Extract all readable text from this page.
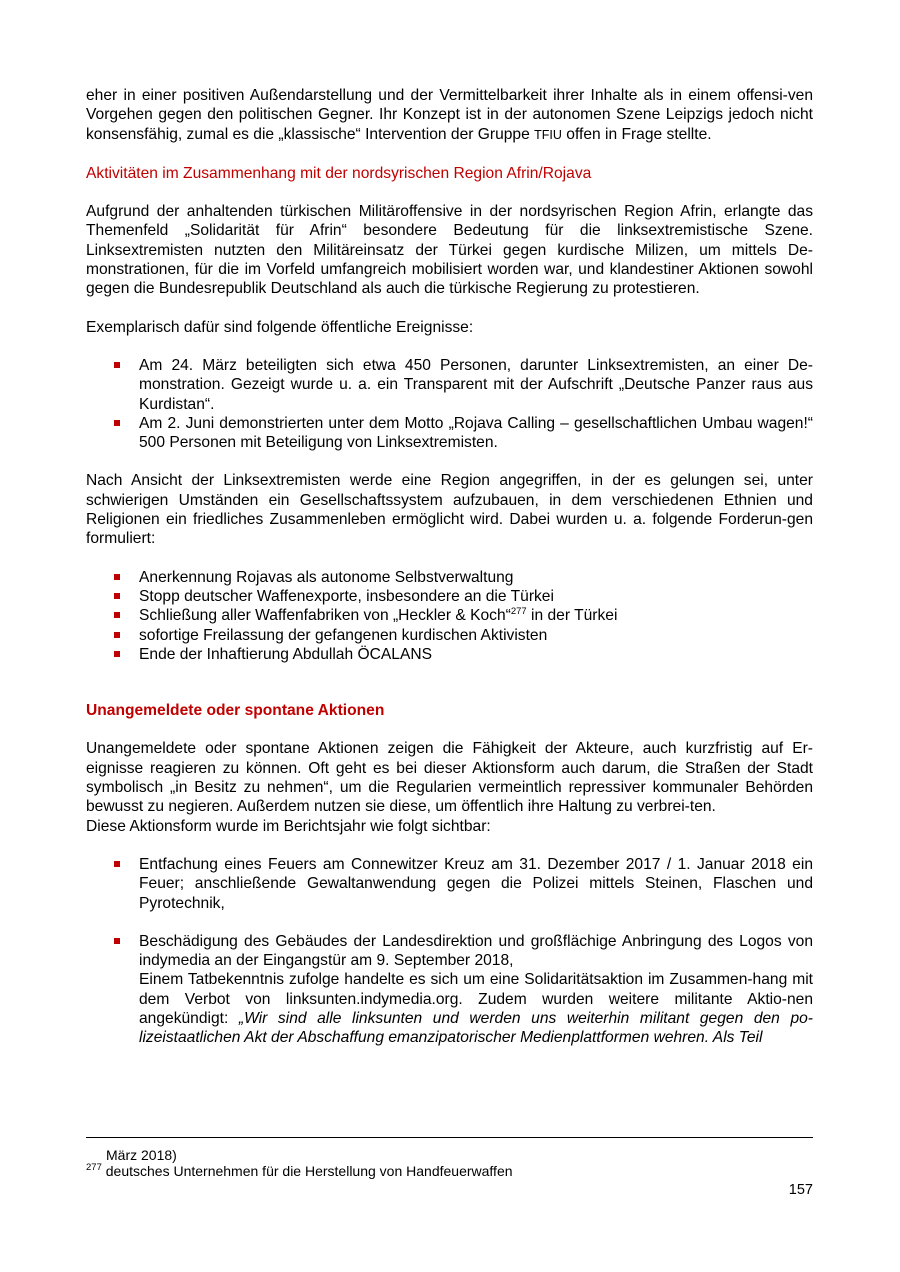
eher in einer positiven Außendarstellung und der Vermittelbarkeit ihrer Inhalte als in einem offensi-ven Vorgehen gegen den politischen Gegner. Ihr Konzept ist in der autonomen Szene Leipzigs jedoch nicht konsensfähig, zumal es die „klassische“ Intervention der Gruppe TFIU offen in Frage stellte.

Aktivitäten im Zusammenhang mit der nordsyrischen Region Afrin/Rojava

Aufgrund der anhaltenden türkischen Militäroffensive in der nordsyrischen Region Afrin, erlangte das Themenfeld „Solidarität für Afrin“ besondere Bedeutung für die linksextremistische Szene. Linksextremisten nutzten den Militäreinsatz der Türkei gegen kurdische Milizen, um mittels De-monstrationen, für die im Vorfeld umfangreich mobilisiert worden war, und klandestiner Aktionen sowohl gegen die Bundesrepublik Deutschland als auch die türkische Regierung zu protestieren.

Exemplarisch dafür sind folgende öffentliche Ereignisse:

Am 24. März beteiligten sich etwa 450 Personen, darunter Linksextremisten, an einer De-monstration. Gezeigt wurde u. a. ein Transparent mit der Aufschrift „Deutsche Panzer raus aus Kurdistan“.
Am 2. Juni demonstrierten unter dem Motto „Rojava Calling – gesellschaftlichen Umbau wagen!“ 500 Personen mit Beteiligung von Linksextremisten.

Nach Ansicht der Linksextremisten werde eine Region angegriffen, in der es gelungen sei, unter schwierigen Umständen ein Gesellschaftssystem aufzubauen, in dem verschiedenen Ethnien und Religionen ein friedliches Zusammenleben ermöglicht wird. Dabei wurden u. a. folgende Forderun-gen formuliert:

Anerkennung Rojavas als autonome Selbstverwaltung
Stopp deutscher Waffenexporte, insbesondere an die Türkei
Schließung aller Waffenfabriken von „Heckler & Koch“$^{277}$ in der Türkei
sofortige Freilassung der gefangenen kurdischen Aktivisten
Ende der Inhaftierung Abdullah ÖCALANS

Unangemeldete oder spontane Aktionen

Unangemeldete oder spontane Aktionen zeigen die Fähigkeit der Akteure, auch kurzfristig auf Er-eignisse reagieren zu können. Oft geht es bei dieser Aktionsform auch darum, die Straßen der Stadt symbolisch „in Besitz zu nehmen“, um die Regularien vermeintlich repressiver kommunaler Behörden bewusst zu negieren. Außerdem nutzen sie diese, um öffentlich ihre Haltung zu verbrei-ten.

Diese Aktionsform wurde im Berichtsjahr wie folgt sichtbar:

Entfachung eines Feuers am Connewitzer Kreuz am 31. Dezember 2017 / 1. Januar 2018 ein Feuer; anschließende Gewaltanwendung gegen die Polizei mittels Steinen, Flaschen und Pyrotechnik,
Beschädigung des Gebäudes der Landesdirektion und großflächige Anbringung des Logos von indymedia an der Eingangstür am 9. September 2018,
Einem Tatbekenntnis zufolge handelte es sich um eine Solidaritätsaktion im Zusammen-hang mit dem Verbot von linksunten.indymedia.org. Zudem wurden weitere militante Aktio-nen angekündigt: „Wir sind alle linksunten und werden uns weiterhin militant gegen den po-lizeistaatlichen Akt der Abschaffung emanzipatorischer Medienplattformen wehren. Als Teil
März 2018)
$^{277}$ deutsches Unternehmen für die Herstellung von Handfeuerwaffen
157
